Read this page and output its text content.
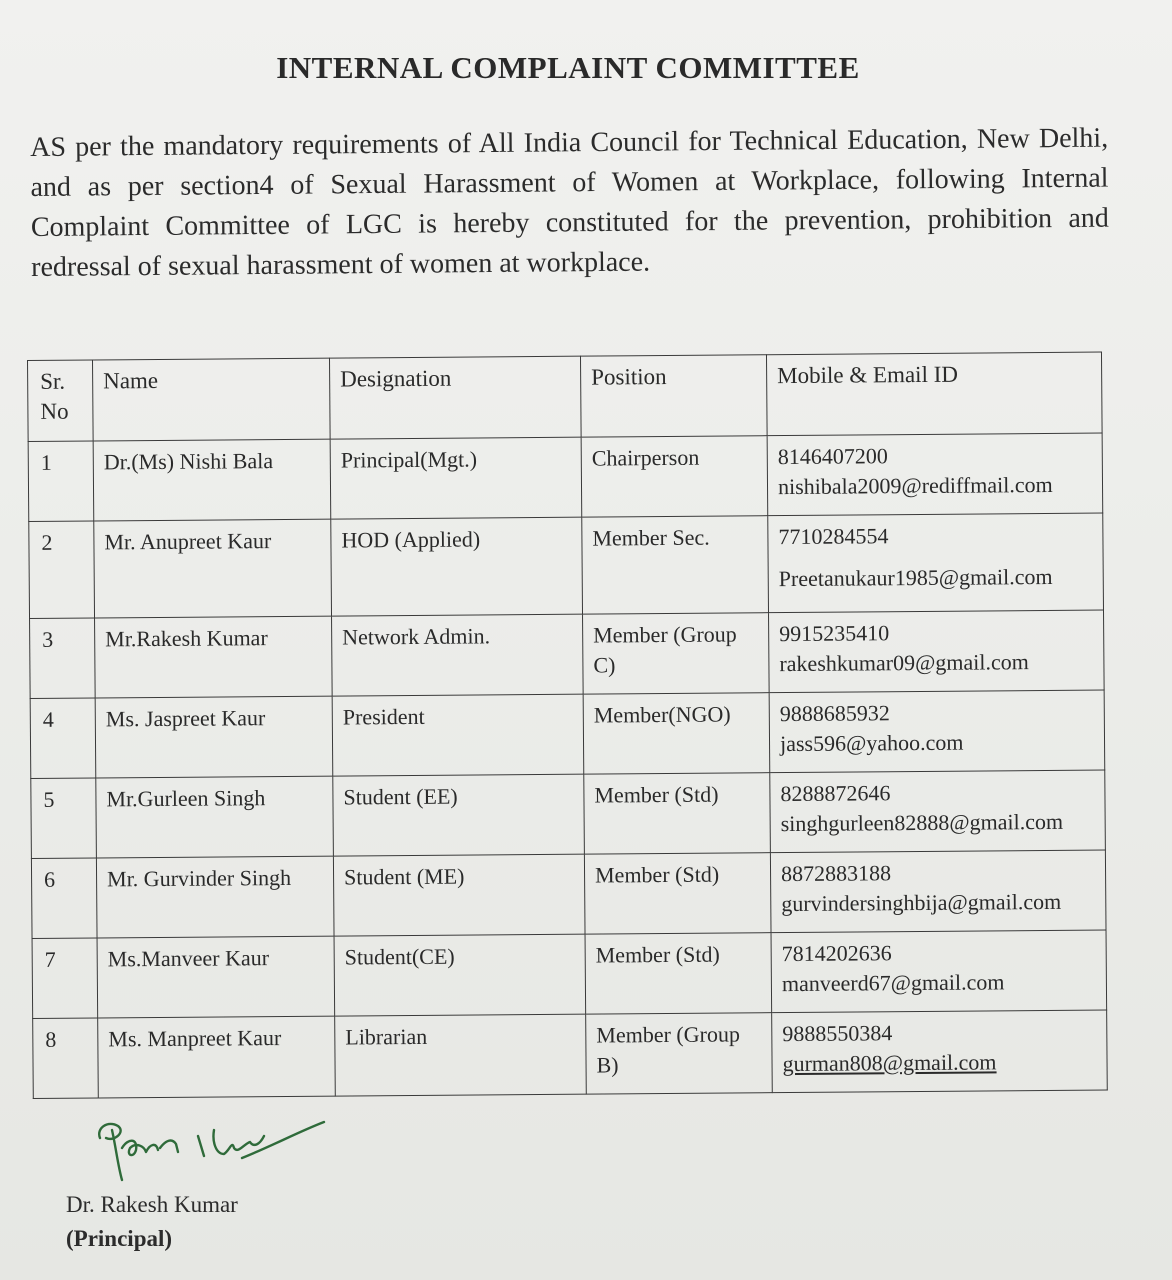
INTERNAL COMPLAINT COMMITTEE
AS per the mandatory requirements of All India Council for Technical Education, New Delhi, and as per section4 of Sexual Harassment of Women at Workplace, following Internal Complaint Committee of LGC is hereby constituted for the prevention, prohibition and redressal of sexual harassment of women at workplace.
Sr.
No	Name	Designation	Position	Mobile & Email ID
1	Dr.(Ms) Nishi Bala	Principal(Mgt.)	Chairperson	8146407200
nishibala2009@rediffmail.com

2	Mr. Anupreet Kaur	HOD (Applied)	Member Sec.	7710284554
Preetanukaur1985@gmail.com

3	Mr.Rakesh Kumar	Network Admin.	Member (Group C)	9915235410
rakeshkumar09@gmail.com

4	Ms. Jaspreet Kaur	President	Member(NGO)	9888685932
jass596@yahoo.com

5	Mr.Gurleen Singh	Student (EE)	Member (Std)	8288872646
singhgurleen82888@gmail.com

6	Mr. Gurvinder Singh	Student (ME)	Member (Std)	8872883188
gurvindersinghbija@gmail.com

7	Ms.Manveer Kaur	Student(CE)	Member (Std)	7814202636
manveerd67@gmail.com

8	Ms. Manpreet Kaur	Librarian	Member (Group B)	9888550384
gurman808@gmail.com
Dr. Rakesh Kumar
(Principal)
